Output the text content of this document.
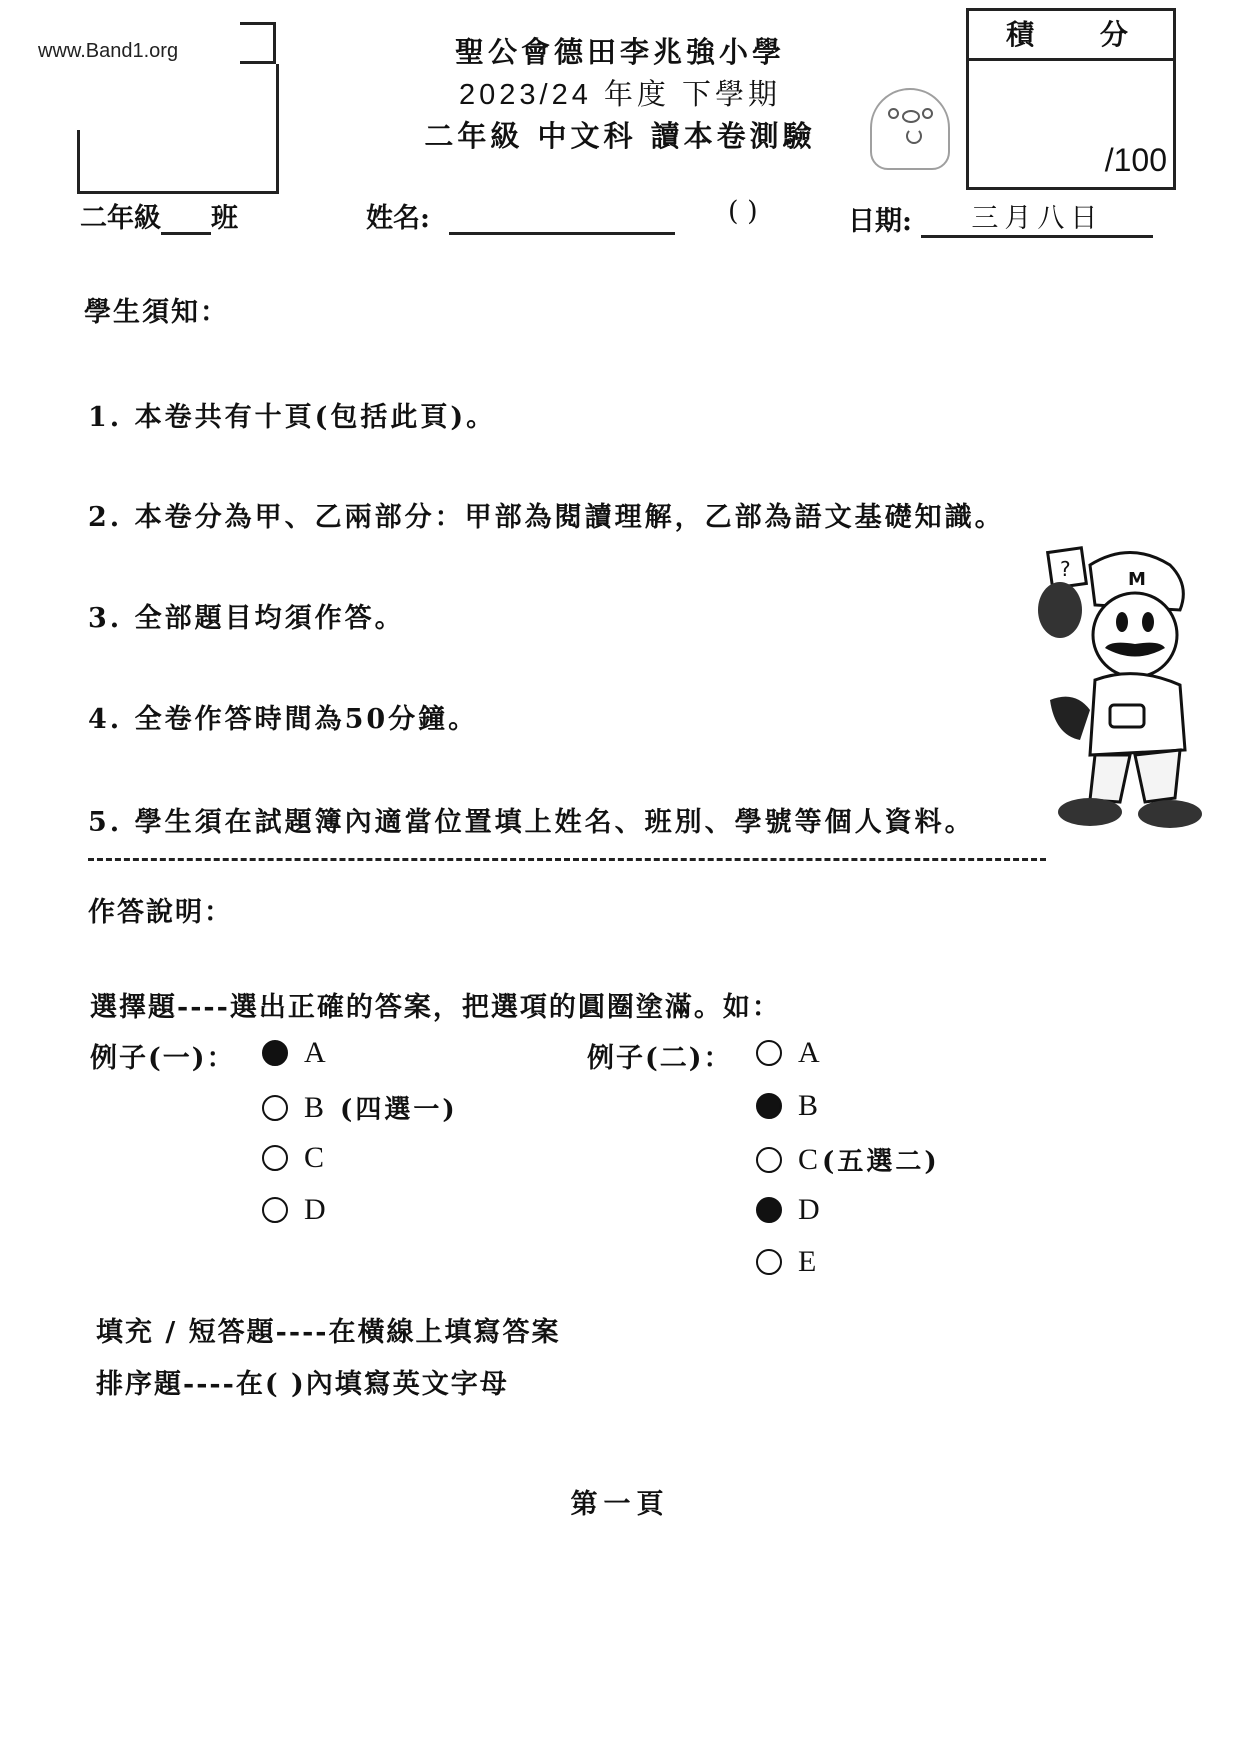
www.Band1.org	聖公會德田李兆強小學
2023/24 年度 下學期
二年級 中文科 讀本卷測驗
積 分
/100
二年級 班	姓名:	( )	日期: 三月八日
學生須知：
1. 本卷共有十頁(包括此頁)。
2. 本卷分為甲、乙兩部分：甲部為閱讀理解，乙部為語文基礎知識。
3. 全部題目均須作答。
4. 全卷作答時間為50分鐘。
5. 學生須在試題簿內適當位置填上姓名、班別、學號等個人資料。
?	M
作答說明：
選擇題----選出正確的答案，把選項的圓圈塗滿。如：
例子(一)： A
B (四選一)
C
D
例子(二)： A
B
C (五選二)
D
E
填充 / 短答題----在橫線上填寫答案
排序題----在( )內填寫英文字母
第一頁
